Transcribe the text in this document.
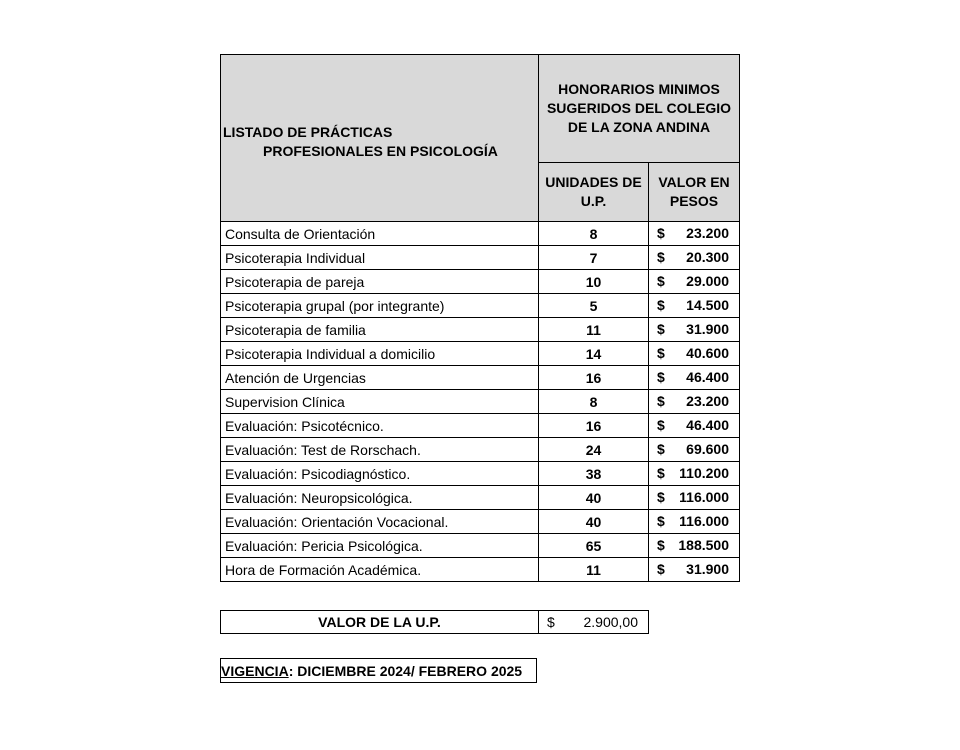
LISTADO DE PRÁCTICAS
PROFESIONALES EN PSICOLOGÍA	HONORARIOS MINIMOS SUGERIDOS DEL COLEGIO DE LA ZONA ANDINA	
	UNIDADES DE U.P.	VALOR EN PESOS
Consulta de Orientación	8	$ 23.200

Psicoterapia Individual	7	$ 20.300

Psicoterapia de pareja	10	$ 29.000

Psicoterapia grupal (por integrante)	5	$ 14.500

Psicoterapia de familia	11	$ 31.900

Psicoterapia Individual a domicilio	14	$ 40.600

Atención de Urgencias	16	$ 46.400

Supervision Clínica	8	$ 23.200

Evaluación: Psicotécnico.	16	$ 46.400

Evaluación: Test de Rorschach.	24	$ 69.600

Evaluación: Psicodiagnóstico.	38	$ 110.200

Evaluación: Neuropsicológica.	40	$ 116.000

Evaluación: Orientación Vocacional.	40	$ 116.000

Evaluación: Pericia Psicológica.	65	$ 188.500

Hora de Formación Académica.	11	$ 31.900
VALOR DE LA U.P.	$ 2.900,00
VIGENCIA: DICIEMBRE 2024/ FEBRERO 2025
